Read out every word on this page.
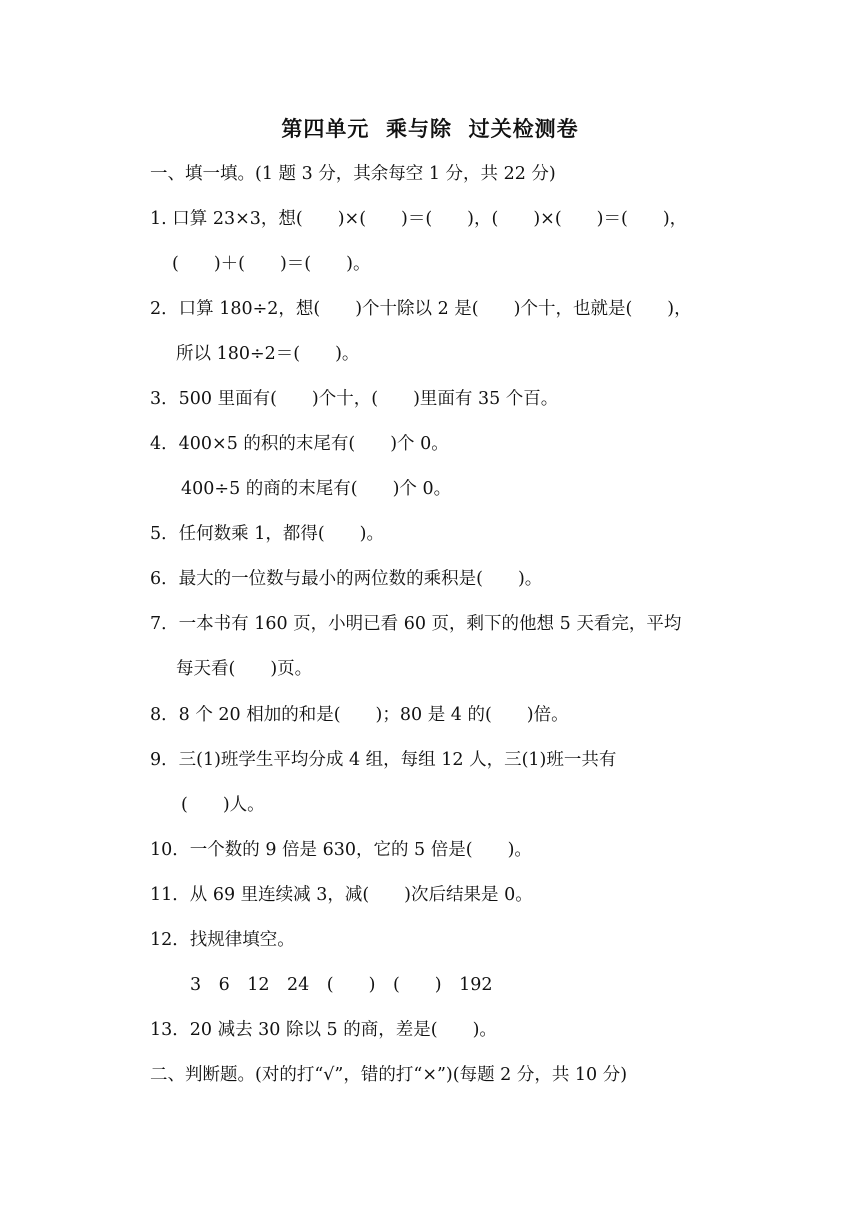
第四单元  乘与除  过关检测卷
一、填一填。(1 题 3 分，其余每空 1 分，共 22 分)
1. 口算 23×3，想(　　)×(　　)＝(　　)，(　　)×(　　)＝(　　)，
(　　)＋(　　)＝(　　)。
2．口算 180÷2，想(　　)个十除以 2 是(　　)个十，也就是(　　)，
所以 180÷2＝(　　)。
3．500 里面有(　　)个十，(　　)里面有 35 个百。
4．400×5 的积的末尾有(　　)个 0。
400÷5 的商的末尾有(　　)个 0。
5．任何数乘 1，都得(　　)。
6．最大的一位数与最小的两位数的乘积是(　　)。
7．一本书有 160 页，小明已看 60 页，剩下的他想 5 天看完，平均
每天看(　　)页。
8．8 个 20 相加的和是(　　)；80 是 4 的(　　)倍。
9．三(1)班学生平均分成 4 组，每组 12 人，三(1)班一共有
(　　)人。
10．一个数的 9 倍是 630，它的 5 倍是(　　)。
11．从 69 里连续减 3，减(　　)次后结果是 0。
12．找规律填空。
3　6　12　24　(　　)　(　　)　192
13．20 减去 30 除以 5 的商，差是(　　)。
二、判断题。(对的打“√”，错的打“×”)(每题 2 分，共 10 分)
